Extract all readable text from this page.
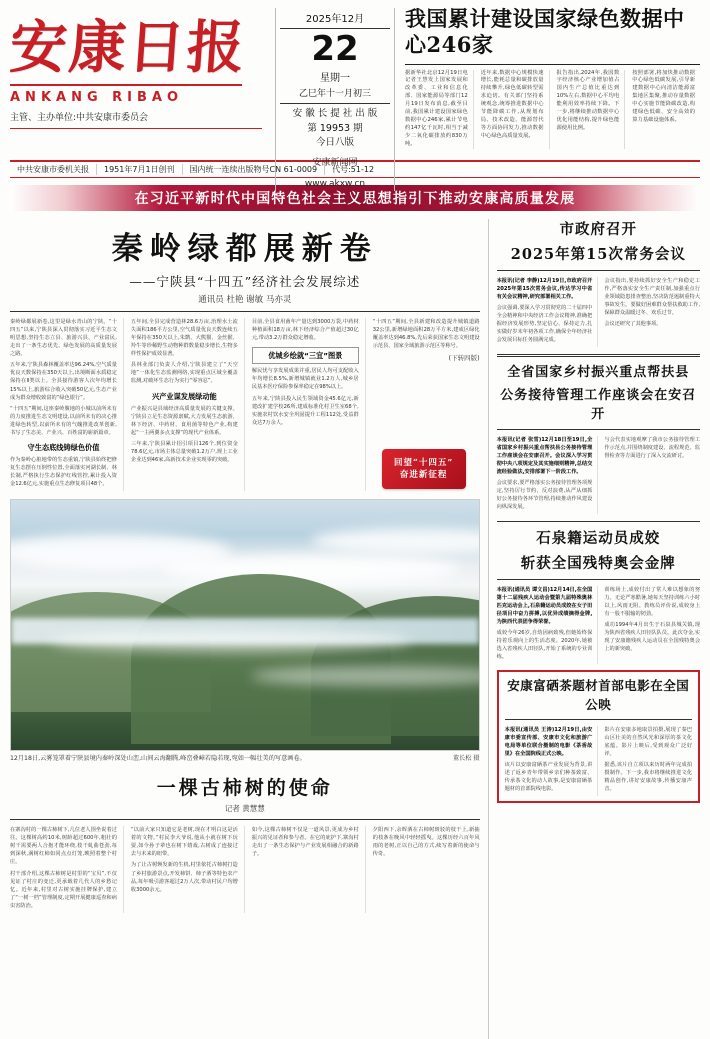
安康日报
ANKANG RIBAO
主管、主办单位:中共安康市委员会
2025年12月
22
星期一
乙巳年十一月初三
安 徽 ⻓ 提 社 出 版
第 19953 期
今日八版
安康新闻网
www.akxw.cn
我国累计建设国家绿色数据中心246家
据新华社北京12月19日电 记者王慧发上国家发展和改革委、工业和信息化部、国家能源局等部门12月19日发布消息,截至目前,我国累计建设国家绿色数据中心246家,累计节电约147亿千瓦时,相当于减少二氧化碳排放约830万吨。
近年来,数据中心规模快速增长,能耗总量和碳排放量持续攀升,绿色低碳转型需求迫切。有关部门坚持系统观念,统筹推进数据中心节能降碳工作,从规划布局、技术改造、能源替代等方面协同发力,推动数据中心绿色高质量发展。
报告指出,2024年,我国数字经济核心产业增加值占国内生产总值比重达到10%左右,数据中心平均电能利用效率持续下降。下一步,将继续推动数据中心优化用能结构,提升绿色能源使用比例。
按照部署,将加快推动数据中心绿色低碳发展,引导新建数据中心向清洁能源富集地区集聚,推动存量数据中心实施节能降碳改造,构建绿色低碳、安全高效的算力基础设施体系。
中共安康市委机关报	1951年7月1日创刊	国内统一连续出版物号CN 61-0009	代号:51-12
在习近平新时代中国特色社会主义思想指引下推动安康高质量发展
秦岭绿都展新卷
——宁陕县“十四五”经济社会发展综述
通讯员 杜艳 谢敏 马亦灵

秦岭绿都展新卷,这里是绿水青山的宁陕。“十四五”以来,宁陕县深入贯彻落实习近平生态文明思想,坚持生态立县、旅游兴县、产业富民,走出了一条生态优先、绿色发展的高质量发展之路。

五年来,宁陕县森林覆盖率达96.24%,空气质量优良天数保持在350天以上,出境断面水质稳定保持在Ⅱ类以上。全县接待游客人次年均增长15%以上,旅游综合收入突破50亿元,生态产业成为群众增收致富的“绿色银行”。

“十四五”期间,这座秦岭腹地的小城以前所未有的力度推进生态文明建设,以前所未有的决心推进绿色转型,以前所未有的气魄推进改革创新,书写了生态美、产业兴、百姓富的崭新篇章。

守生态底线铸绿色价值

作为秦岭心脏地带的生态重镇,宁陕县始终把修复生态摆在压倒性位置,全面落实河湖长制、林长制,严格执行生态保护红线管控,累计投入资金12.6亿元,实施重点生态修复项目48个。

五年间,全县完成营造林28.6万亩,治理水土流失面积186平方公里,空气质量优良天数连续五年保持在350天以上,朱鹮、大熊猫、金丝猴、羚牛等珍稀野生动物种群数量稳步增长,生物多样性保护成效显著。

县林业部门负责人介绍,宁陕县建立了“天空地”一体化生态监测网络,实现重点区域全覆盖监测,对破坏生态行为实行“零容忍”。

兴产业谋发展绿动能

产业振兴是县域经济高质量发展的关键支撑。宁陕县立足生态资源禀赋,大力发展生态旅游、林下经济、中药材、食用菌等特色产业,构建起“一主两翼多点支撑”的现代产业体系。

三年来,宁陕县累计招引项目126个,到位资金78.6亿元,市场主体总量突破1.2万户,规上工业企业达到46家,高新技术企业实现零的突破。

目前,全县食用菌年产量达到3000万袋,中药材种植面积18万亩,林下经济综合产值超过30亿元,带动3.2万群众稳定增收。

优城乡绘就“三宜”图景

解民忧与享发展成果并重,居民人均可支配收入年均增长8.5%,新增城镇就业1.2万人,城乡居民基本医疗保险参保率稳定在98%以上。

五年来,宁陕县投入民生领域资金45.6亿元,新建改扩建学校26所,建成标准化村卫生室68个,实施农村饮水安全巩固提升工程112处,受益群众达7万余人。

“十四五”期间,全县新建和改造提升城镇道路32公里,新增绿地面积28万平方米,建成区绿化覆盖率达到46.8%,先后荣获国家生态文明建设示范县、国家全域旅游示范区等称号。

(下转四版)
回望“十四五”
奋进新征程
12月18日,云雾笼罩着宁陕县境内秦岭深处山峦,山间云海翻腾,峰峦叠嶂若隐若现,宛如一幅壮美的写意画卷。	董长松 摄
一棵古柿树的使命
记者 黄慧慧

在寨沟村的一棵古柿树下,几位老人围坐说着过往。这棵树高约10米,树龄超过600年,粗壮的树干需要两人合抱才能环绕,枝干虬曲苍劲,每到深秋,满树红柿如同点点灯笼,映照着整个村庄。

村干部介绍,这棵古柿树是村里的“宝贝”,不仅见证了村庄的变迁,更承载着几代人的乡愁记忆。近年来,村里对古树实施挂牌保护,建立了“一树一档”管理制度,定期开展健康巡查和病虫害防治。

“以前大家只知道它是老树,现在才明白这是活着的文物。”村民李大爷说,他从小就在树下玩耍,如今孙子辈也在树下嬉戏,古树成了连接过去与未来的纽带。

为了让古树焕发新的生机,村里依托古柿树打造了乡村旅游景点,开发柿饼、柿子酒等特色农产品,每年吸引游客超过2万人次,带动村民户均增收3000余元。

如今,这棵古柿树不仅是一道风景,更成为乡村振兴的见证者和参与者。在它的庇护下,寨沟村走出了一条生态保护与产业发展相融合的新路子。

夕阳西下,余晖洒在古柿树斑驳的枝干上,新抽的枝条在晚风中轻轻摇曳。这棵历经六百年风雨的老树,正以自己的方式,续写着新的使命与传奇。

市政府召开
2025年第15次常务会议

本报讯(记者 李静)12月19日,市政府召开2025年第15次常务会议,传达学习中省有关会议精神,研究部署相关工作。

会议强调,要深入学习贯彻党的二十届四中全会精神和中央经济工作会议精神,准确把握经济发展形势,坚定信心、保持定力,扎实做好岁末年初各项工作,确保全年经济社会发展目标任务圆满完成。

会议指出,要持续抓好安全生产和稳定工作,严格落实安全生产责任制,加强重点行业领域隐患排查整治,坚决防范遏制重特大事故发生。要做好困难群众帮扶救助工作,保障群众温暖过冬、欢乐过节。

会议还研究了其他事项。

全省国家乡村振兴重点帮扶县
公务接待管理工作座谈会在安召开

本报讯(记者 张雪)12月18日至19日,全省国家乡村振兴重点帮扶县公务接待管理工作座谈会在安康召开。会议深入学习贯彻中央八项规定及其实施细则精神,总结交流经验做法,安排部署下一阶段工作。

会议要求,要严格落实公务接待管理各项规定,坚持厉行节约、反对浪费,从严从细抓好公务接待各环节管理,持续推动作风建设向纵深发展。

与会代表实地观摩了我市公务接待管理工作示范点,并围绕制度建设、流程规范、监督检查等方面进行了深入交流研讨。

石泉籍运动员成姣
斩获全国残特奥会金牌

本报讯(通讯员 谭文昌)12月14日,在全国第十二届残疾人运动会暨第九届特殊奥林匹克运动会上,石泉籍运动员成姣在女子田径项目中奋力拼搏,以优异成绩摘得金牌,为陕西代表团争得荣誉。

成姣今年26岁,自幼因病致残,但她始终保持着乐观向上的生活态度。2020年,她被选入省残疾人田径队,开始了系统的专业训练。

训练场上,成姣付出了常人难以想象的努力。无论严寒酷暑,她每天坚持训练六小时以上,风雨无阻。教练员评价说,成姣身上有一股不服输的韧劲。

成功1994年4月出生于石泉县城关镇,现为陕西省残疾人田径队队员。此次夺金,实现了安康籍残疾人运动员在全国残特奥会上的新突破。

安康富硒茶题材首部电影在全国公映

本报讯(通讯员 王涛)12月19日,由安康市委宣传部、安康市文化和旅游广电局等单位联合摄制的电影《茶香故里》在全国院线正式公映。

该片以安康富硒茶产业发展为背景,讲述了返乡青年带领乡亲们种茶致富、传承茶文化的动人故事,是安康富硒茶题材的首部院线电影。

影片在安康多地取景拍摄,展现了秦巴山区壮美的自然风光和深厚的茶文化底蕴。影片上映后,受到观众广泛好评。

据悉,该片自立项以来历时两年完成拍摄制作。下一步,我市将继续推进文化精品创作,讲好安康故事,传播安康声音。
